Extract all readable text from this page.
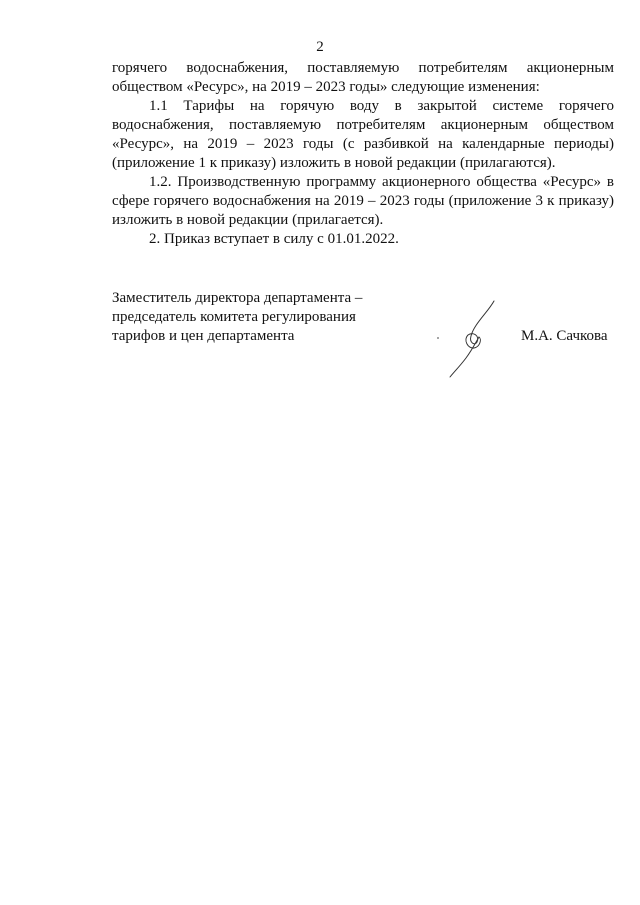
2

горячего водоснабжения, поставляемую потребителям акционерным обществом «Ресурс», на 2019 – 2023 годы» следующие изменения:

1.1 Тарифы на горячую воду в закрытой системе горячего водоснабжения, поставляемую потребителям акционерным обществом «Ресурс», на 2019 – 2023 годы (с разбивкой на календарные периоды) (приложение 1 к приказу) изложить в новой редакции (прилагаются).

1.2. Производственную программу акционерного общества «Ресурс» в сфере горячего водоснабжения на 2019 – 2023 годы (приложение 3 к приказу) изложить в новой редакции (прилагается).

2. Приказ вступает в силу с 01.01.2022.

Заместитель директора департамента –
председатель комитета регулирования
тарифов и цен департамента	М.А. Сачкова
